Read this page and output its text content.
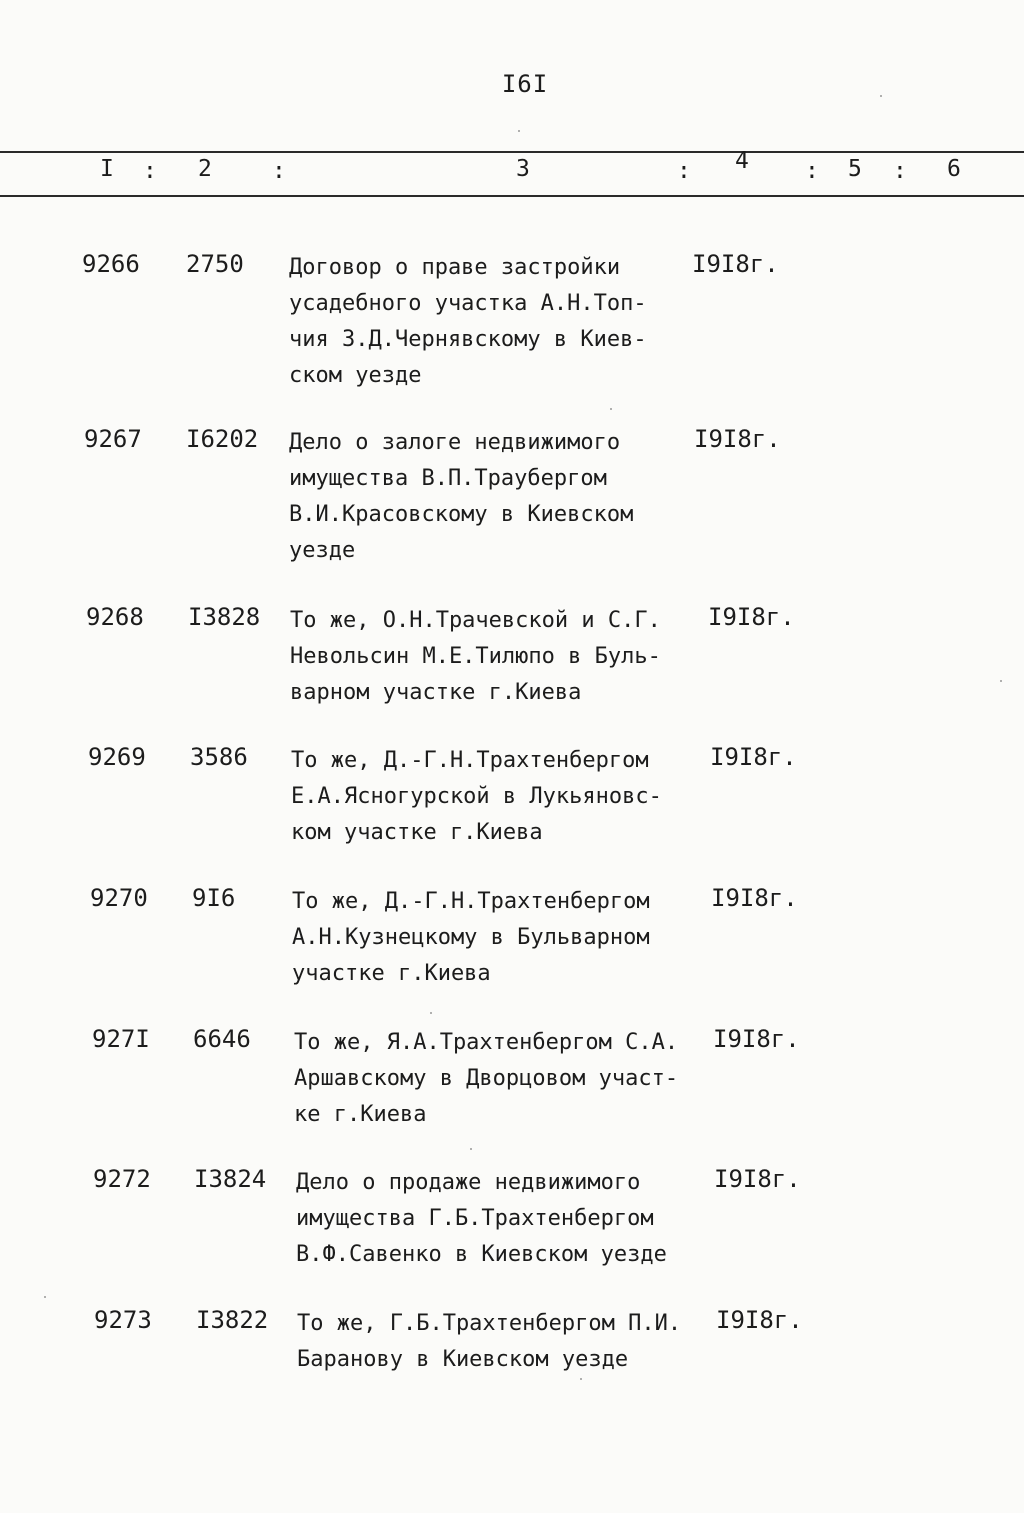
I6I
I : 2	:	3	: 4 : 5 : 6
9266 2750 Договор о праве застройки
усадебного участка А.Н.Топ-
чия З.Д.Чернявскому в Киев-
ском уезде
I9I8г.
9267 I6202 Дело о залоге недвижимого
имущества В.П.Траубергом
В.И.Красовскому в Киевском
уезде
I9I8г.
9268 I3828 То же, О.Н.Трачевской и С.Г.
Невольсин М.Е.Тилюпо в Буль-
варном участке г.Киева
I9I8г.
9269 3586 То же, Д.-Г.Н.Трахтенбергом
Е.А.Ясногурской в Лукьяновс-
ком участке г.Киева
I9I8г.
9270 9I6	То же, Д.-Г.Н.Трахтенбергом
А.Н.Кузнецкому в Бульварном
участке г.Киева
I9I8г.
927I 6646 То же, Я.А.Трахтенбергом С.А.
Аршавскому в Дворцовом участ-
ке г.Киева
I9I8г.
9272 I3824 Дело о продаже недвижимого
имущества Г.Б.Трахтенбергом
В.Ф.Савенко в Киевском уезде
I9I8г.
9273 I3822 То же, Г.Б.Трахтенбергом П.И.
Баранову в Киевском уезде
I9I8г.
